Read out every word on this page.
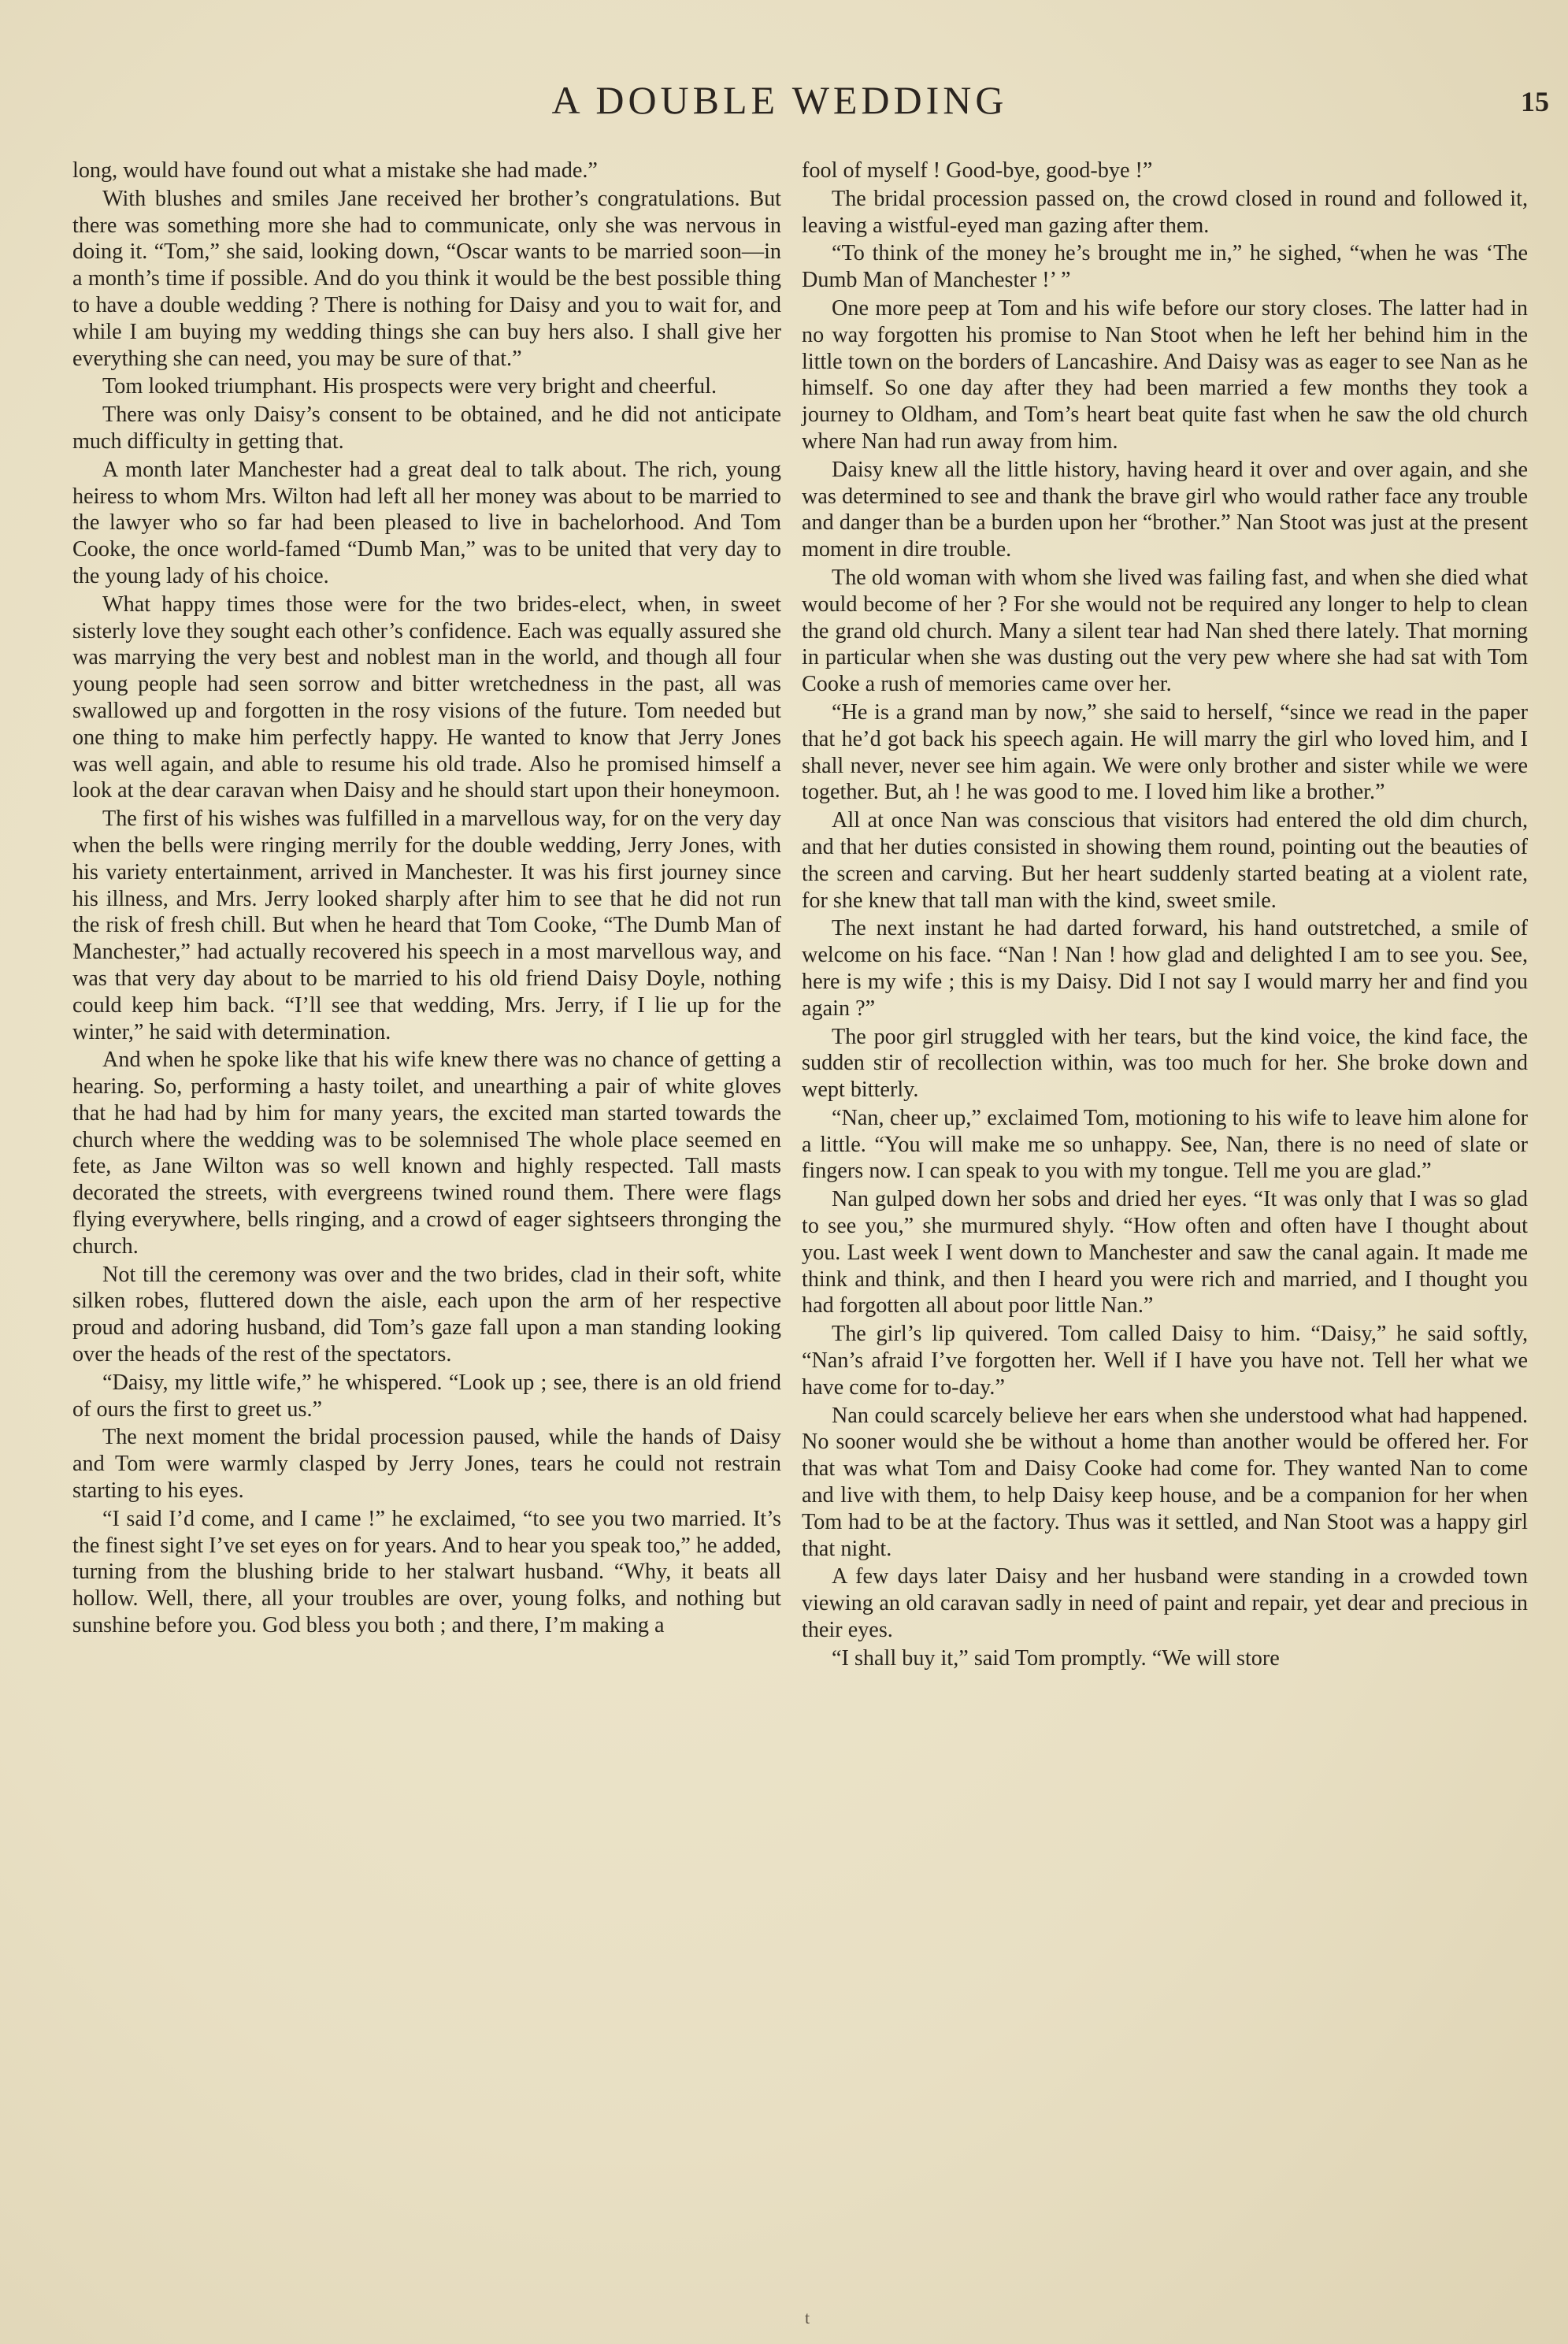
A DOUBLE WEDDING	15

long, would have found out what a mistake she had made.”

With blushes and smiles Jane received her brother’s congratulations. But there was something more she had to communicate, only she was nervous in doing it. “Tom,” she said, looking down, “Oscar wants to be married soon—in a month’s time if possible. And do you think it would be the best possible thing to have a double wedding ? There is nothing for Daisy and you to wait for, and while I am buying my wedding things she can buy hers also. I shall give her everything she can need, you may be sure of that.”

Tom looked triumphant. His prospects were very bright and cheerful.

There was only Daisy’s consent to be obtained, and he did not anticipate much difficulty in getting that.

A month later Manchester had a great deal to talk about. The rich, young heiress to whom Mrs. Wilton had left all her money was about to be married to the lawyer who so far had been pleased to live in bachelorhood. And Tom Cooke, the once world-famed “Dumb Man,” was to be united that very day to the young lady of his choice.

What happy times those were for the two brides-elect, when, in sweet sisterly love they sought each other’s confidence. Each was equally assured she was marrying the very best and noblest man in the world, and though all four young people had seen sorrow and bitter wretchedness in the past, all was swallowed up and forgotten in the rosy visions of the future. Tom needed but one thing to make him perfectly happy. He wanted to know that Jerry Jones was well again, and able to resume his old trade. Also he promised himself a look at the dear caravan when Daisy and he should start upon their honeymoon.

The first of his wishes was fulfilled in a marvellous way, for on the very day when the bells were ringing merrily for the double wedding, Jerry Jones, with his variety entertainment, arrived in Manchester. It was his first journey since his illness, and Mrs. Jerry looked sharply after him to see that he did not run the risk of fresh chill. But when he heard that Tom Cooke, “The Dumb Man of Manchester,” had actually recovered his speech in a most marvellous way, and was that very day about to be married to his old friend Daisy Doyle, nothing could keep him back. “I’ll see that wedding, Mrs. Jerry, if I lie up for the winter,” he said with determination.

And when he spoke like that his wife knew there was no chance of getting a hearing. So, performing a hasty toilet, and unearthing a pair of white gloves that he had had by him for many years, the excited man started towards the church where the wedding was to be solemnised The whole place seemed en fete, as Jane Wilton was so well known and highly respected. Tall masts decorated the streets, with evergreens twined round them. There were flags flying everywhere, bells ringing, and a crowd of eager sightseers thronging the church.

Not till the ceremony was over and the two brides, clad in their soft, white silken robes, fluttered down the aisle, each upon the arm of her respective proud and adoring husband, did Tom’s gaze fall upon a man standing looking over the heads of the rest of the spectators.

“Daisy, my little wife,” he whispered. “Look up ; see, there is an old friend of ours the first to greet us.”

The next moment the bridal procession paused, while the hands of Daisy and Tom were warmly clasped by Jerry Jones, tears he could not restrain starting to his eyes.

“I said I’d come, and I came !” he exclaimed, “to see you two married. It’s the finest sight I’ve set eyes on for years. And to hear you speak too,” he added, turning from the blushing bride to her stalwart husband. “Why, it beats all hollow. Well, there, all your troubles are over, young folks, and nothing but sunshine before you. God bless you both ; and there, I’m making a

fool of myself ! Good-bye, good-bye !”

The bridal procession passed on, the crowd closed in round and followed it, leaving a wistful-eyed man gazing after them.

“To think of the money he’s brought me in,” he sighed, “when he was ‘The Dumb Man of Manchester !’ ”

One more peep at Tom and his wife before our story closes. The latter had in no way forgotten his promise to Nan Stoot when he left her behind him in the little town on the borders of Lancashire. And Daisy was as eager to see Nan as he himself. So one day after they had been married a few months they took a journey to Oldham, and Tom’s heart beat quite fast when he saw the old church where Nan had run away from him.

Daisy knew all the little history, having heard it over and over again, and she was determined to see and thank the brave girl who would rather face any trouble and danger than be a burden upon her “brother.” Nan Stoot was just at the present moment in dire trouble.

The old woman with whom she lived was failing fast, and when she died what would become of her ? For she would not be required any longer to help to clean the grand old church. Many a silent tear had Nan shed there lately. That morning in particular when she was dusting out the very pew where she had sat with Tom Cooke a rush of memories came over her.

“He is a grand man by now,” she said to herself, “since we read in the paper that he’d got back his speech again. He will marry the girl who loved him, and I shall never, never see him again. We were only brother and sister while we were together. But, ah ! he was good to me. I loved him like a brother.”

All at once Nan was conscious that visitors had entered the old dim church, and that her duties consisted in showing them round, pointing out the beauties of the screen and carving. But her heart suddenly started beating at a violent rate, for she knew that tall man with the kind, sweet smile.

The next instant he had darted forward, his hand outstretched, a smile of welcome on his face. “Nan ! Nan ! how glad and delighted I am to see you. See, here is my wife ; this is my Daisy. Did I not say I would marry her and find you again ?”

The poor girl struggled with her tears, but the kind voice, the kind face, the sudden stir of recollection within, was too much for her. She broke down and wept bitterly.

“Nan, cheer up,” exclaimed Tom, motioning to his wife to leave him alone for a little. “You will make me so unhappy. See, Nan, there is no need of slate or fingers now. I can speak to you with my tongue. Tell me you are glad.”

Nan gulped down her sobs and dried her eyes. “It was only that I was so glad to see you,” she murmured shyly. “How often and often have I thought about you. Last week I went down to Manchester and saw the canal again. It made me think and think, and then I heard you were rich and married, and I thought you had forgotten all about poor little Nan.”

The girl’s lip quivered. Tom called Daisy to him. “Daisy,” he said softly, “Nan’s afraid I’ve forgotten her. Well if I have you have not. Tell her what we have come for to-day.”

Nan could scarcely believe her ears when she understood what had happened. No sooner would she be without a home than another would be offered her. For that was what Tom and Daisy Cooke had come for. They wanted Nan to come and live with them, to help Daisy keep house, and be a companion for her when Tom had to be at the factory. Thus was it settled, and Nan Stoot was a happy girl that night.

A few days later Daisy and her husband were standing in a crowded town viewing an old caravan sadly in need of paint and repair, yet dear and precious in their eyes.

“I shall buy it,” said Tom promptly. “We will store

t
